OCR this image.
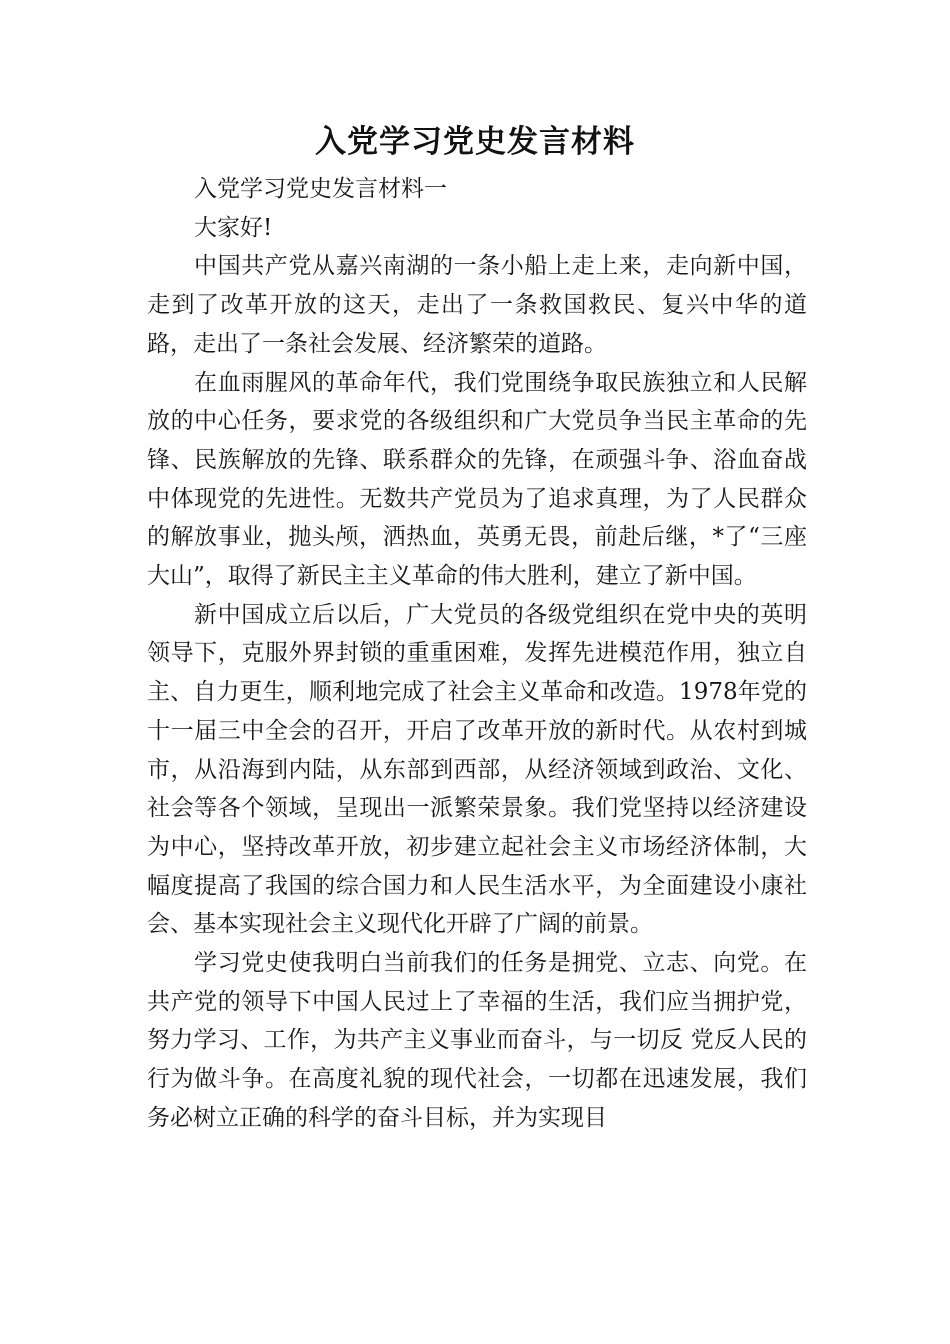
入党学习党史发言材料

入党学习党史发言材料一

大家好!

中国共产党从嘉兴南湖的一条小船上走上来，走向新中国，走到了改革开放的这天，走出了一条救国救民、复兴中华的道路，走出了一条社会发展、经济繁荣的道路。

在血雨腥风的革命年代，我们党围绕争取民族独立和人民解放的中心任务，要求党的各级组织和广大党员争当民主革命的先锋、民族解放的先锋、联系群众的先锋，在顽强斗争、浴血奋战中体现党的先进性。无数共产党员为了追求真理，为了人民群众的解放事业，抛头颅，洒热血，英勇无畏，前赴后继，*了“三座大山”，取得了新民主主义革命的伟大胜利，建立了新中国。

新中国成立后以后，广大党员的各级党组织在党中央的英明领导下，克服外界封锁的重重困难，发挥先进模范作用，独立自主、自力更生，顺利地完成了社会主义革命和改造。1978年党的十一届三中全会的召开，开启了改革开放的新时代。从农村到城市，从沿海到内陆，从东部到西部，从经济领域到政治、文化、社会等各个领域，呈现出一派繁荣景象。我们党坚持以经济建设为中心，坚持改革开放，初步建立起社会主义市场经济体制，大幅度提高了我国的综合国力和人民生活水平，为全面建设小康社会、基本实现社会主义现代化开辟了广阔的前景。

学习党史使我明白当前我们的任务是拥党、立志、向党。在共产党的领导下中国人民过上了幸福的生活，我们应当拥护党，努力学习、工作，为共产主义事业而奋斗，与一切反 党反人民的行为做斗争。在高度礼貌的现代社会，一切都在迅速发展，我们务必树立正确的科学的奋斗目标，并为实现目
